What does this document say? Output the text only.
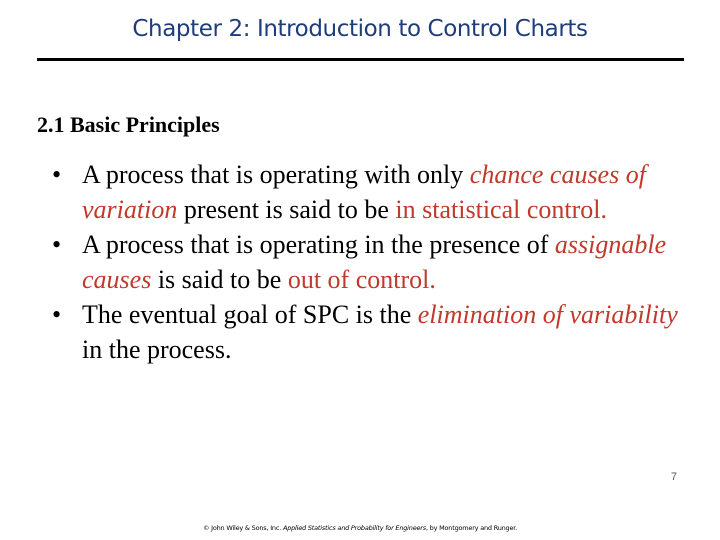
Chapter 2: Introduction to Control Charts
2.1 Basic Principles
• A process that is operating with only chance causes of variation present is said to be in statistical control.
• A process that is operating in the presence of assignable causes is said to be out of control.
• The eventual goal of SPC is the elimination of variability in the process.
7
© John Wiley & Sons, Inc. Applied Statistics and Probability for Engineers, by Montgomery and Runger.
